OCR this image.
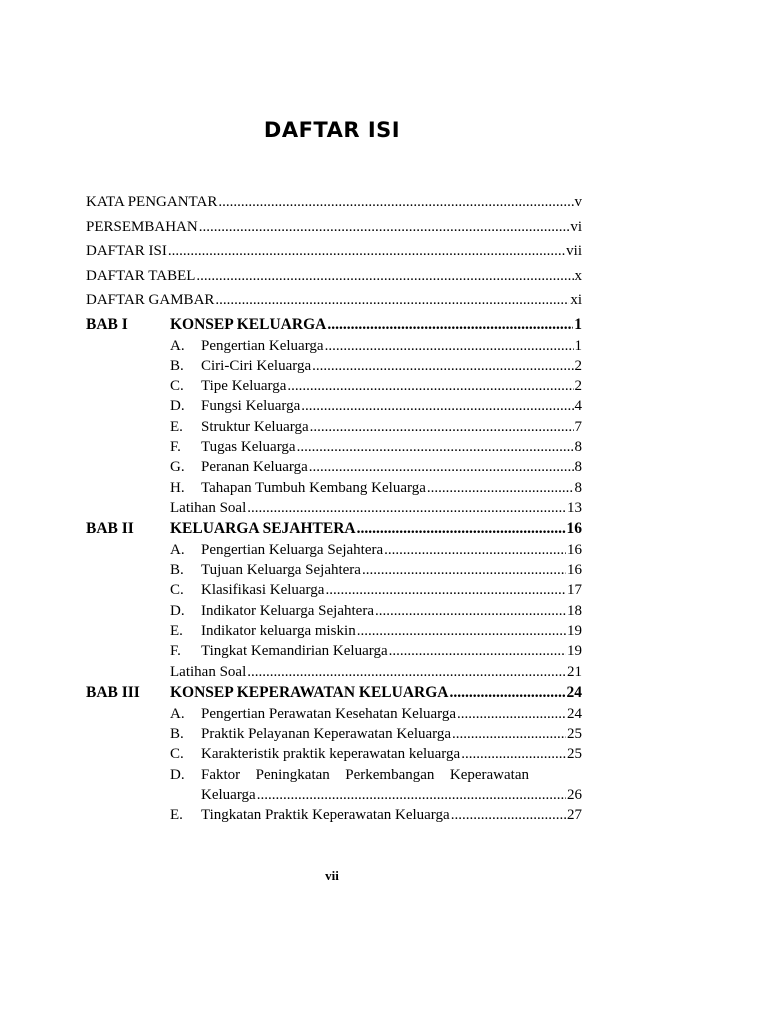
DAFTAR ISI
KATA PENGANTAR .....	v
PERSEMBAHAN .....	vi
DAFTAR ISI .....	vii
DAFTAR TABEL .....	x
DAFTAR GAMBAR .....	xi
BAB I	KONSEP KELUARGA .....	1
A.	Pengertian Keluarga .....	1
B.	Ciri-Ciri Keluarga .....	2
C.	Tipe Keluarga .....	2
D.	Fungsi Keluarga .....	4
E.	Struktur Keluarga .....	7
F.	Tugas Keluarga .....	8
G.	Peranan Keluarga .....	8
H.	Tahapan Tumbuh Kembang Keluarga .....	8
Latihan Soal .....	13
BAB II	KELUARGA SEJAHTERA .....	16
A.	Pengertian Keluarga Sejahtera .....	16
B.	Tujuan Keluarga Sejahtera .....	16
C.	Klasifikasi Keluarga .....	17
D.	Indikator Keluarga Sejahtera .....	18
E.	Indikator keluarga miskin .....	19
F.	Tingkat Kemandirian Keluarga .....	19
Latihan Soal .....	21
BAB III	KONSEP KEPERAWATAN KELUARGA .....	24
A.	Pengertian Perawatan Kesehatan Keluarga .....	24
B.	Praktik Pelayanan Keperawatan Keluarga .....	25
C.	Karakteristik praktik keperawatan keluarga .....	25
D.	Faktor Peningkatan Perkembangan Keperawatan
Keluarga .....	26
E.	Tingkatan Praktik Keperawatan Keluarga .....	27
vii
